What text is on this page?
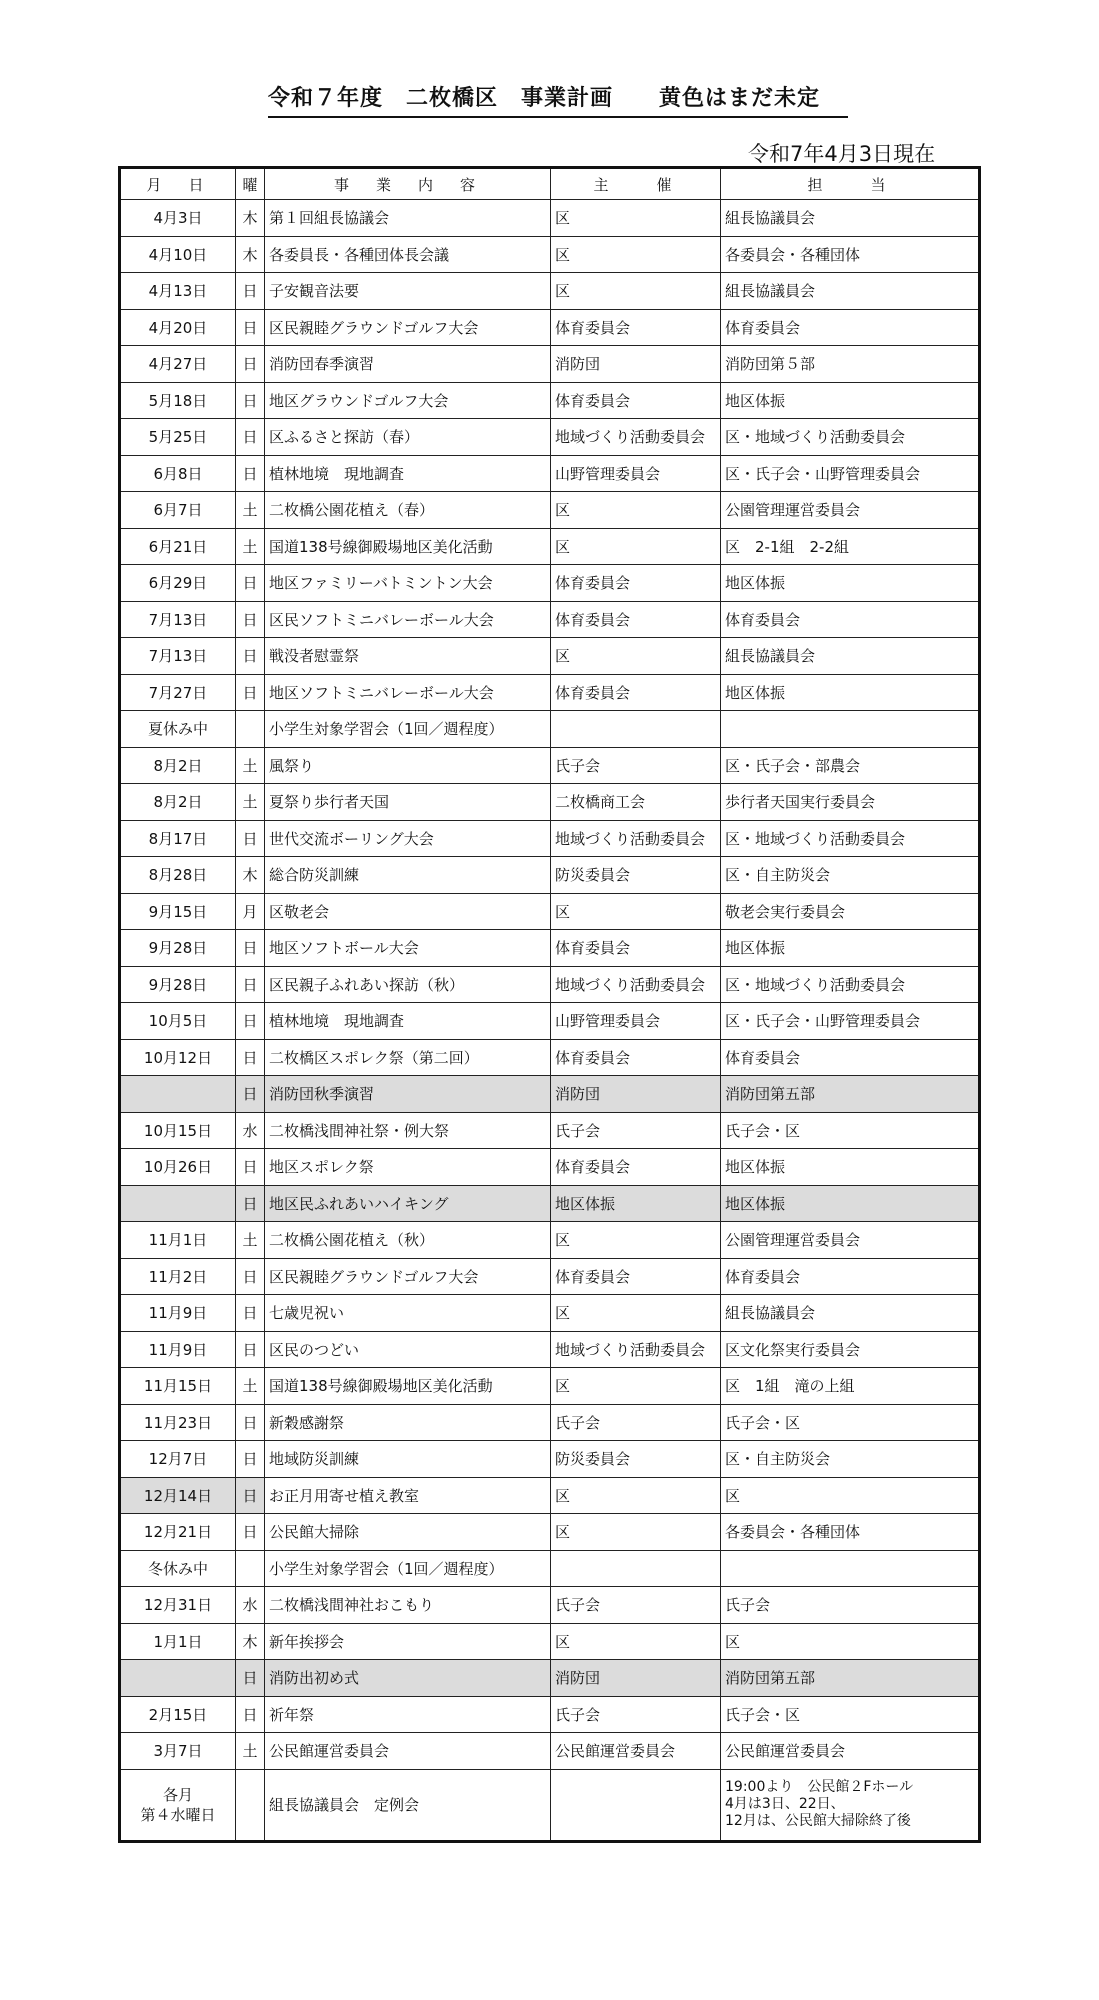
令和７年度　二枚橋区　事業計画　　黄色はまだ未定
令和7年4月3日現在
月　日	曜	事　業　内　容	主　　催	担　　当
4月3日	木	第１回組長協議会	区	組長協議員会
4月10日	木	各委員長・各種団体長会議	区	各委員会・各種団体
4月13日	日	子安観音法要	区	組長協議員会
4月20日	日	区民親睦グラウンドゴルフ大会	体育委員会	体育委員会
4月27日	日	消防団春季演習	消防団	消防団第５部
5月18日	日	地区グラウンドゴルフ大会	体育委員会	地区体振
5月25日	日	区ふるさと探訪（春）	地域づくり活動委員会	区・地域づくり活動委員会
6月8日	日	植林地境　現地調査	山野管理委員会	区・氏子会・山野管理委員会
6月7日	土	二枚橋公園花植え（春）	区	公園管理運営委員会
6月21日	土	国道138号線御殿場地区美化活動	区	区　2-1組　2-2組
6月29日	日	地区ファミリーバトミントン大会	体育委員会	地区体振
7月13日	日	区民ソフトミニバレーボール大会	体育委員会	体育委員会
7月13日	日	戦没者慰霊祭	区	組長協議員会
7月27日	日	地区ソフトミニバレーボール大会	体育委員会	地区体振
夏休み中		小学生対象学習会（1回／週程度）		
8月2日	土	風祭り	氏子会	区・氏子会・部農会
8月2日	土	夏祭り歩行者天国	二枚橋商工会	歩行者天国実行委員会
8月17日	日	世代交流ボーリング大会	地域づくり活動委員会	区・地域づくり活動委員会
8月28日	木	総合防災訓練	防災委員会	区・自主防災会
9月15日	月	区敬老会	区	敬老会実行委員会
9月28日	日	地区ソフトボール大会	体育委員会	地区体振
9月28日	日	区民親子ふれあい探訪（秋）	地域づくり活動委員会	区・地域づくり活動委員会
10月5日	日	植林地境　現地調査	山野管理委員会	区・氏子会・山野管理委員会
10月12日	日	二枚橋区スポレク祭（第二回）	体育委員会	体育委員会
	日	消防団秋季演習	消防団	消防団第五部
10月15日	水	二枚橋浅間神社祭・例大祭	氏子会	氏子会・区
10月26日	日	地区スポレク祭	体育委員会	地区体振
	日	地区民ふれあいハイキング	地区体振	地区体振
11月1日	土	二枚橋公園花植え（秋）	区	公園管理運営委員会
11月2日	日	区民親睦グラウンドゴルフ大会	体育委員会	体育委員会
11月9日	日	七歳児祝い	区	組長協議員会
11月9日	日	区民のつどい	地域づくり活動委員会	区文化祭実行委員会
11月15日	土	国道138号線御殿場地区美化活動	区	区　1組　滝の上組
11月23日	日	新穀感謝祭	氏子会	氏子会・区
12月7日	日	地域防災訓練	防災委員会	区・自主防災会
12月14日	日	お正月用寄せ植え教室	区	区
12月21日	日	公民館大掃除	区	各委員会・各種団体
冬休み中		小学生対象学習会（1回／週程度）		
12月31日	水	二枚橋浅間神社おこもり	氏子会	氏子会
1月1日	木	新年挨拶会	区	区
	日	消防出初め式	消防団	消防団第五部
2月15日	日	祈年祭	氏子会	氏子会・区
3月7日	土	公民館運営委員会	公民館運営委員会	公民館運営委員会
各月
第４水曜日		組長協議員会　定例会		19:00より　公民館２Fホール
4月は3日、22日、
12月は、公民館大掃除終了後
